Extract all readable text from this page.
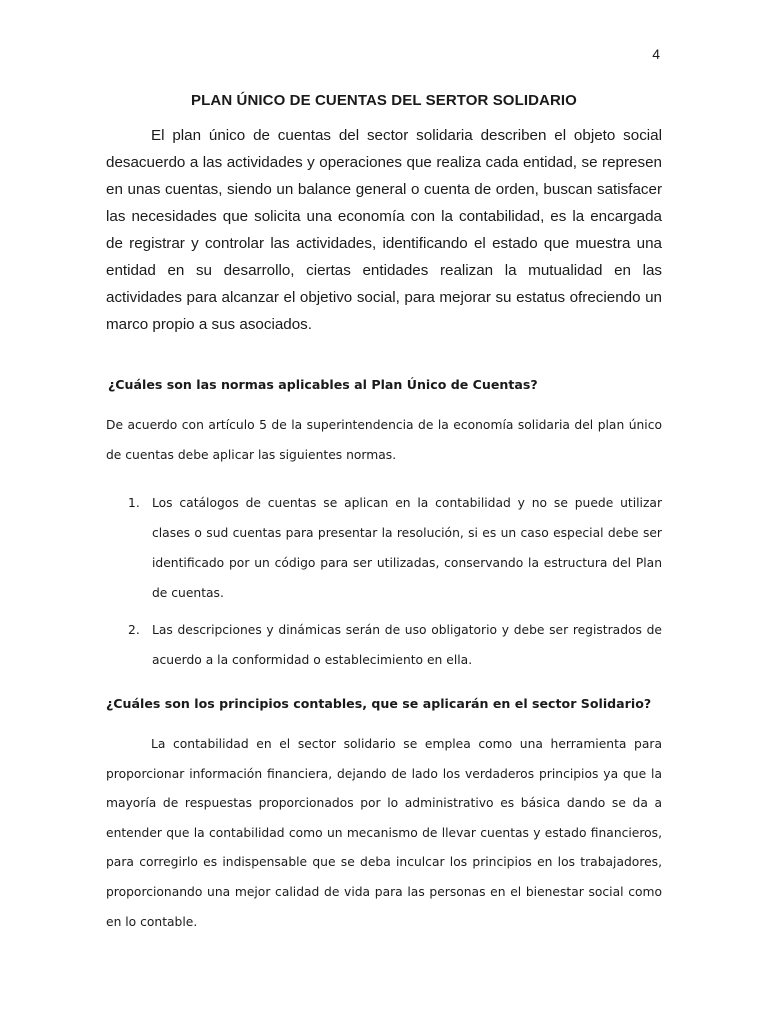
4
PLAN ÚNICO DE CUENTAS DEL SERTOR SOLIDARIO

El plan único de cuentas del sector solidaria describen el objeto social desacuerdo a las actividades y operaciones que realiza cada entidad, se represen en unas cuentas, siendo un balance general o cuenta de orden, buscan satisfacer las necesidades que solicita una economía con la contabilidad, es la encargada de registrar y controlar las actividades, identificando el estado que muestra una entidad en su desarrollo, ciertas entidades realizan la mutualidad en las actividades para alcanzar el objetivo social, para mejorar su estatus ofreciendo un marco propio a sus asociados.

¿Cuáles son las normas aplicables al Plan Único de Cuentas?

De acuerdo con artículo 5 de la superintendencia de la economía solidaria del plan único de cuentas debe aplicar las siguientes normas.

1. Los catálogos de cuentas se aplican en la contabilidad y no se puede utilizar clases o sud cuentas para presentar la resolución, si es un caso especial debe ser identificado por un código para ser utilizadas, conservando la estructura del Plan de cuentas.
2. Las descripciones y dinámicas serán de uso obligatorio y debe ser registrados de acuerdo a la conformidad o establecimiento en ella.

¿Cuáles son los principios contables, que se aplicarán en el sector Solidario?

La contabilidad en el sector solidario se emplea como una herramienta para proporcionar información financiera, dejando de lado los verdaderos principios ya que la mayoría de respuestas proporcionados por lo administrativo es básica dando se da a entender que la contabilidad como un mecanismo de llevar cuentas y estado financieros, para corregirlo es indispensable que se deba inculcar los principios en los trabajadores, proporcionando una mejor calidad de vida para las personas en el bienestar social como en lo contable.
